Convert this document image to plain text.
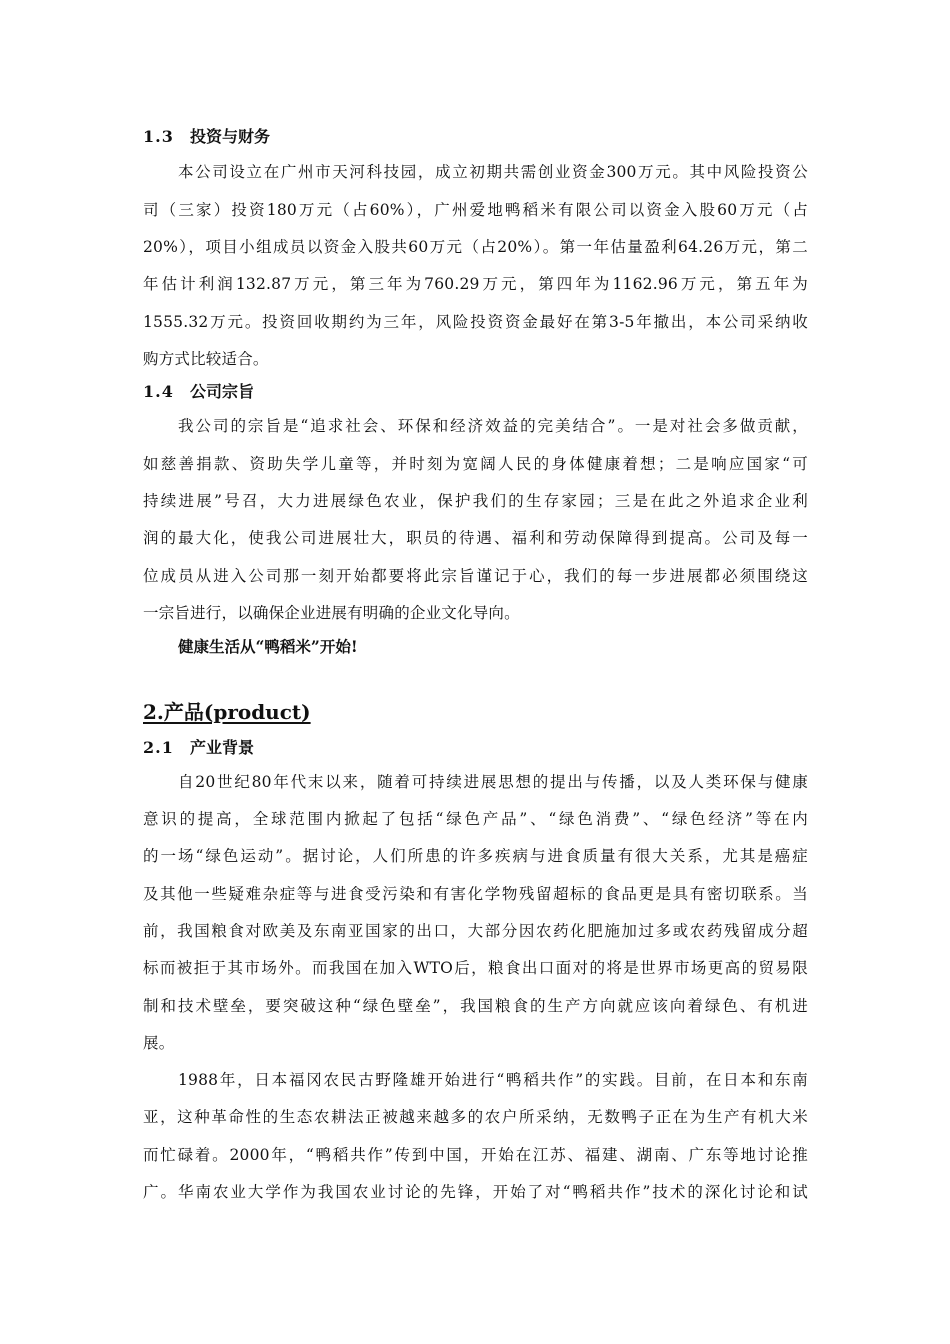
1.3 投资与财务
本公司设立在广州市天河科技园，成立初期共需创业资金300万元。其中风险投资公
司（三家）投资180万元（占60%），广州爱地鸭稻米有限公司以资金入股60万元（占
20%），项目小组成员以资金入股共60万元（占20%）。第一年估量盈利64.26万元，第二
年估计利润132.87万元，第三年为760.29万元，第四年为1162.96万元，第五年为
1555.32万元。投资回收期约为三年，风险投资资金最好在第3-5年撤出，本公司采纳收
购方式比较适合。
1.4 公司宗旨
我公司的宗旨是“追求社会、环保和经济效益的完美结合”。一是对社会多做贡献，
如慈善捐款、资助失学儿童等，并时刻为宽阔人民的身体健康着想；二是响应国家“可
持续进展”号召，大力进展绿色农业，保护我们的生存家园；三是在此之外追求企业利
润的最大化，使我公司进展壮大，职员的待遇、福利和劳动保障得到提高。公司及每一
位成员从进入公司那一刻开始都要将此宗旨谨记于心，我们的每一步进展都必须围绕这
一宗旨进行，以确保企业进展有明确的企业文化导向。
健康生活从“鸭稻米”开始!
2.产品(product)
2.1 产业背景
自20世纪80年代末以来，随着可持续进展思想的提出与传播，以及人类环保与健康
意识的提高，全球范围内掀起了包括“绿色产品”、“绿色消费”、“绿色经济”等在内
的一场“绿色运动”。据讨论，人们所患的许多疾病与进食质量有很大关系，尤其是癌症
及其他一些疑难杂症等与进食受污染和有害化学物残留超标的食品更是具有密切联系。当
前，我国粮食对欧美及东南亚国家的出口，大部分因农药化肥施加过多或农药残留成分超
标而被拒于其市场外。而我国在加入WTO后，粮食出口面对的将是世界市场更高的贸易限
制和技术壁垒，要突破这种“绿色壁垒”，我国粮食的生产方向就应该向着绿色、有机进
展。
1988年，日本福冈农民古野隆雄开始进行“鸭稻共作”的实践。目前，在日本和东南
亚，这种革命性的生态农耕法正被越来越多的农户所采纳，无数鸭子正在为生产有机大米
而忙碌着。2000年，“鸭稻共作”传到中国，开始在江苏、福建、湖南、广东等地讨论推
广。华南农业大学作为我国农业讨论的先锋，开始了对“鸭稻共作”技术的深化讨论和试
